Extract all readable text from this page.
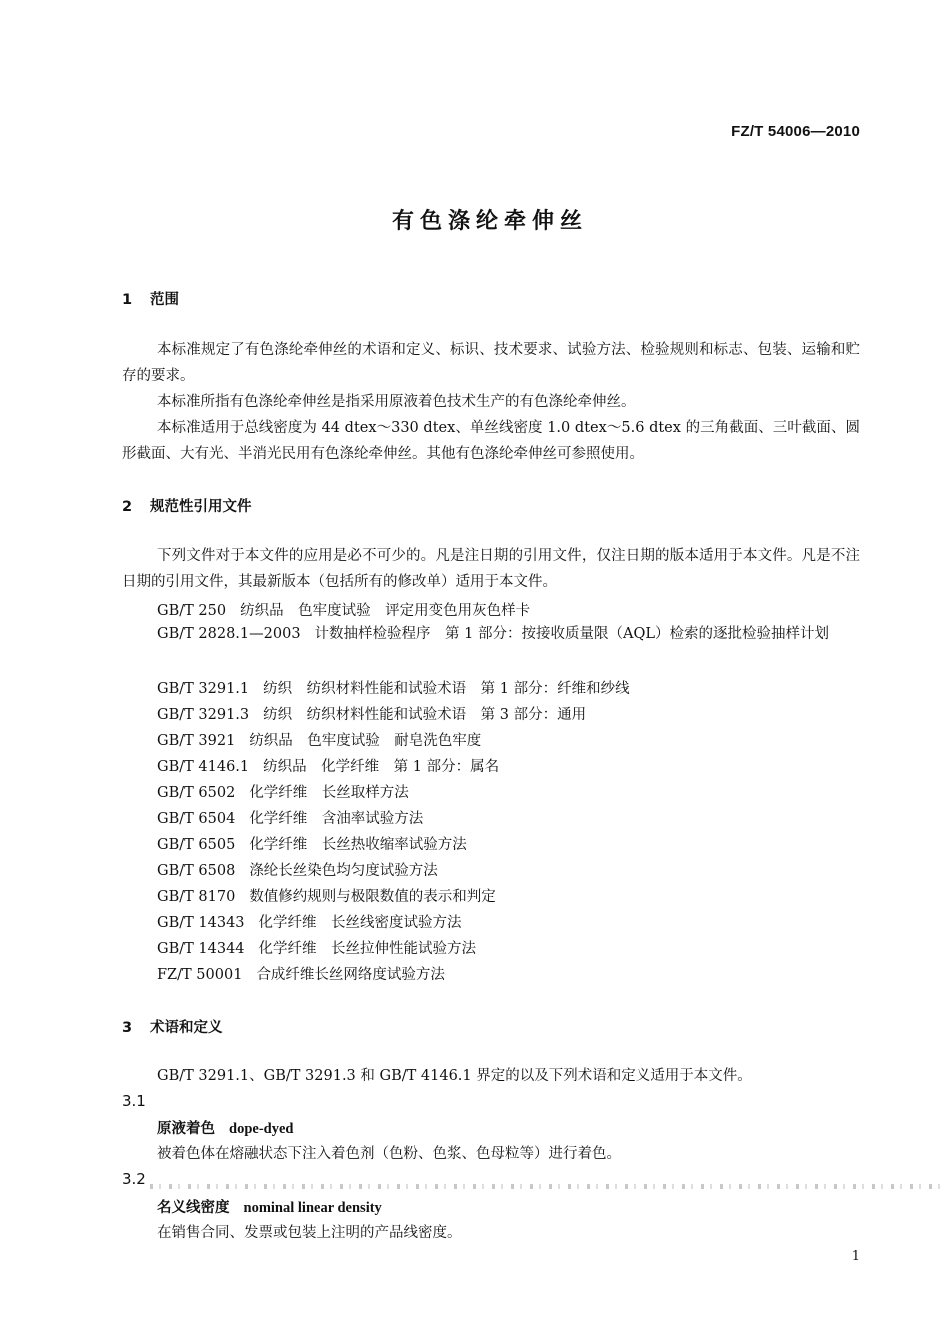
FZ/T 54006—2010
有色涤纶牵伸丝
1 范围
本标准规定了有色涤纶牵伸丝的术语和定义、标识、技术要求、试验方法、检验规则和标志、包装、运输和贮存的要求。
本标准所指有色涤纶牵伸丝是指采用原液着色技术生产的有色涤纶牵伸丝。
本标准适用于总线密度为 44 dtex～330 dtex、单丝线密度 1.0 dtex～5.6 dtex 的三角截面、三叶截面、圆形截面、大有光、半消光民用有色涤纶牵伸丝。其他有色涤纶牵伸丝可参照使用。
2 规范性引用文件
下列文件对于本文件的应用是必不可少的。凡是注日期的引用文件，仅注日期的版本适用于本文件。凡是不注日期的引用文件，其最新版本（包括所有的修改单）适用于本文件。
GB/T 250 纺织品　色牢度试验　评定用变色用灰色样卡
GB/T 2828.1—2003 计数抽样检验程序　第 1 部分：按接收质量限（AQL）检索的逐批检验抽样计划
GB/T 3291.1 纺织　纺织材料性能和试验术语　第 1 部分：纤维和纱线
GB/T 3291.3 纺织　纺织材料性能和试验术语　第 3 部分：通用
GB/T 3921 纺织品　色牢度试验　耐皂洗色牢度
GB/T 4146.1 纺织品　化学纤维　第 1 部分：属名
GB/T 6502 化学纤维　长丝取样方法
GB/T 6504 化学纤维　含油率试验方法
GB/T 6505 化学纤维　长丝热收缩率试验方法
GB/T 6508 涤纶长丝染色均匀度试验方法
GB/T 8170 数值修约规则与极限数值的表示和判定
GB/T 14343 化学纤维　长丝线密度试验方法
GB/T 14344 化学纤维　长丝拉伸性能试验方法
FZ/T 50001 合成纤维长丝网络度试验方法
3 术语和定义
GB/T 3291.1、GB/T 3291.3 和 GB/T 4146.1 界定的以及下列术语和定义适用于本文件。
3.1
原液着色 dope-dyed
被着色体在熔融状态下注入着色剂（色粉、色浆、色母粒等）进行着色。
3.2
名义线密度 nominal linear density
在销售合同、发票或包装上注明的产品线密度。
1
